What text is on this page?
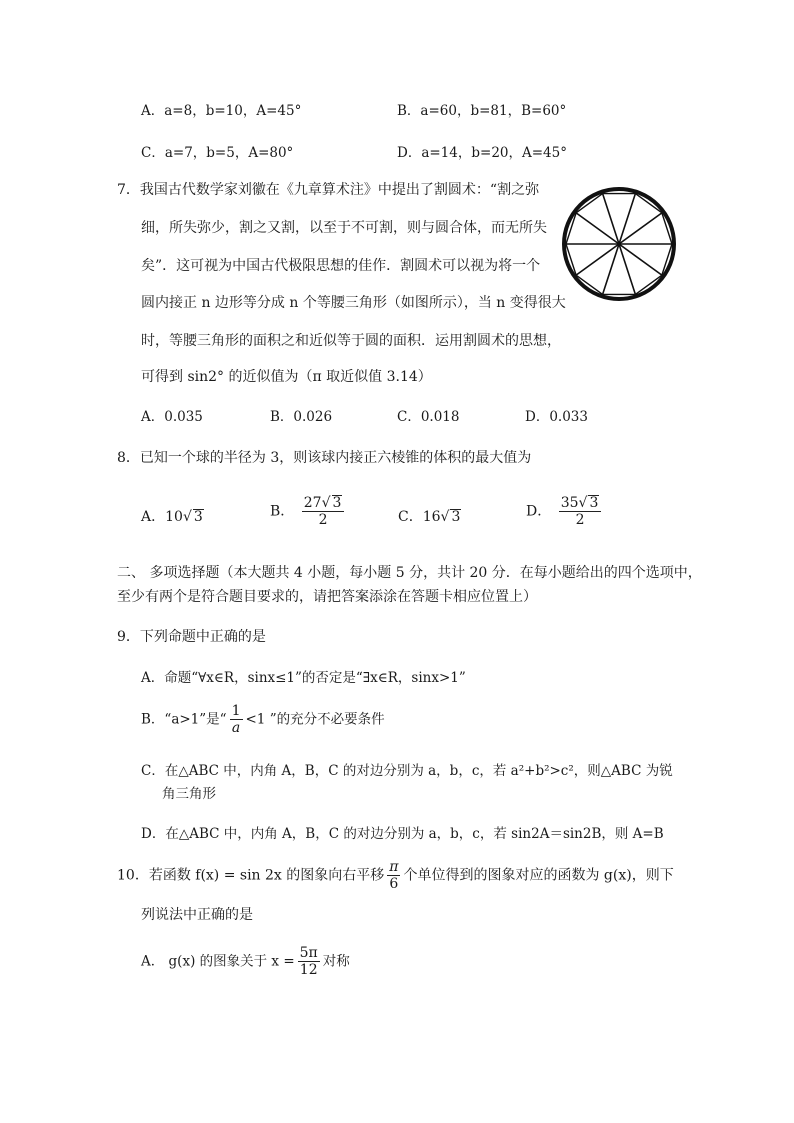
A．a=8，b=10，A=45°	B．a=60，b=81，B=60°
C．a=7，b=5，A=80°	D．a=14，b=20，A=45°
7．我国古代数学家刘徽在《九章算术注》中提出了割圆术：“割之弥
细，所失弥少，割之又割，以至于不可割，则与圆合体，而无所失
矣”．这可视为中国古代极限思想的佳作．割圆术可以视为将一个
圆内接正 n 边形等分成 n 个等腰三角形（如图所示），当 n 变得很大
时，等腰三角形的面积之和近似等于圆的面积．运用割圆术的思想，
可得到 sin2° 的近似值为（π 取近似值 3.14）
A．0.035	B．0.026	C．0.018	D．0.033
8．已知一个球的半径为 3，则该球内接正六棱锥的体积的最大值为
A．10√ 3	B． $\frac{27√ 3}{2}$	C．16√ 3	D． $\frac{35√ 3}{2}$
二、 多项选择题（本大题共 4 小题，每小题 5 分，共计 20 分．在每小题给出的四个选项中，
至少有两个是符合题目要求的，请把答案添涂在答题卡相应位置上）
9．下列命题中正确的是
A．命题“∀x∈R，sinx≤1”的否定是“∃x∈R，sinx>1”
B．“a>1”是“ $\frac{1}{a} <1$ ”的充分不必要条件
C．在△ABC 中，内角 A，B，C 的对边分别为 a，b，c，若 a²+b²>c²，则△ABC 为锐
角三角形
D．在△ABC 中，内角 A，B，C 的对边分别为 a，b，c，若 sin2A＝sin2B，则 A=B
10．若函数 f(x) = sin 2x 的图象向右平移 $\frac{\pi}{6}$ 个单位得到的图象对应的函数为 g(x)，则下
列说法中正确的是
A． g(x) 的图象关于 $x = \frac{5\pi}{12}$ 对称
